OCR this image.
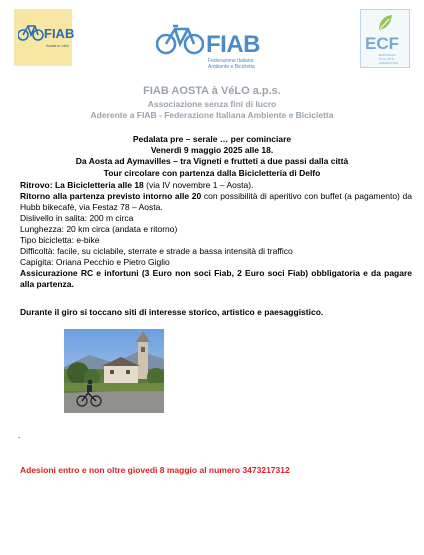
FIAB
Aosta in vélo	FIAB
Federazione Italiana
Ambiente e Bicicletta
ECF
EUROPEAN
CYCLISTS'
FEDERATION
FIAB AOSTA à VéLO a.p.s.
Associazione senza fini di lucro
Aderente a FIAB - Federazione Italiana Ambiente e Bicicletta
Pedalata pre – serale … per cominciare
Venerdì 9 maggio 2025 alle 18.
Da Aosta ad Aymavilles – tra Vigneti e frutteti a due passi dalla città
Tour circolare con partenza dalla Bicicletteria di Delfo
Ritrovo: La Bicicletteria alle 18 (via IV novembre 1 – Aosta).
Ritorno alla partenza previsto intorno alle 20 con possibilità di aperitivo con buffet (a pagamento) da Hubb bikecafè, via Festaz 78 – Aosta.
Dislivello in salita: 200 m circa
Lunghezza: 20 km circa (andata e ritorno)
Tipo bicicletta: e-bike
Difficoltà: facile, su ciclabile, sterrate e strade a bassa intensità di traffico
Capigita: Oriana Pecchio e Pietro Giglio
Assicurazione RC e infortuni (3 Euro non soci Fiab, 2 Euro soci Fiab) obbligatoria e da pagare alla partenza.
Durante il giro si toccano siti di interesse storico, artistico e paesaggistico.
.
Adesioni entro e non oltre giovedì 8 maggio al numero 3473217312
